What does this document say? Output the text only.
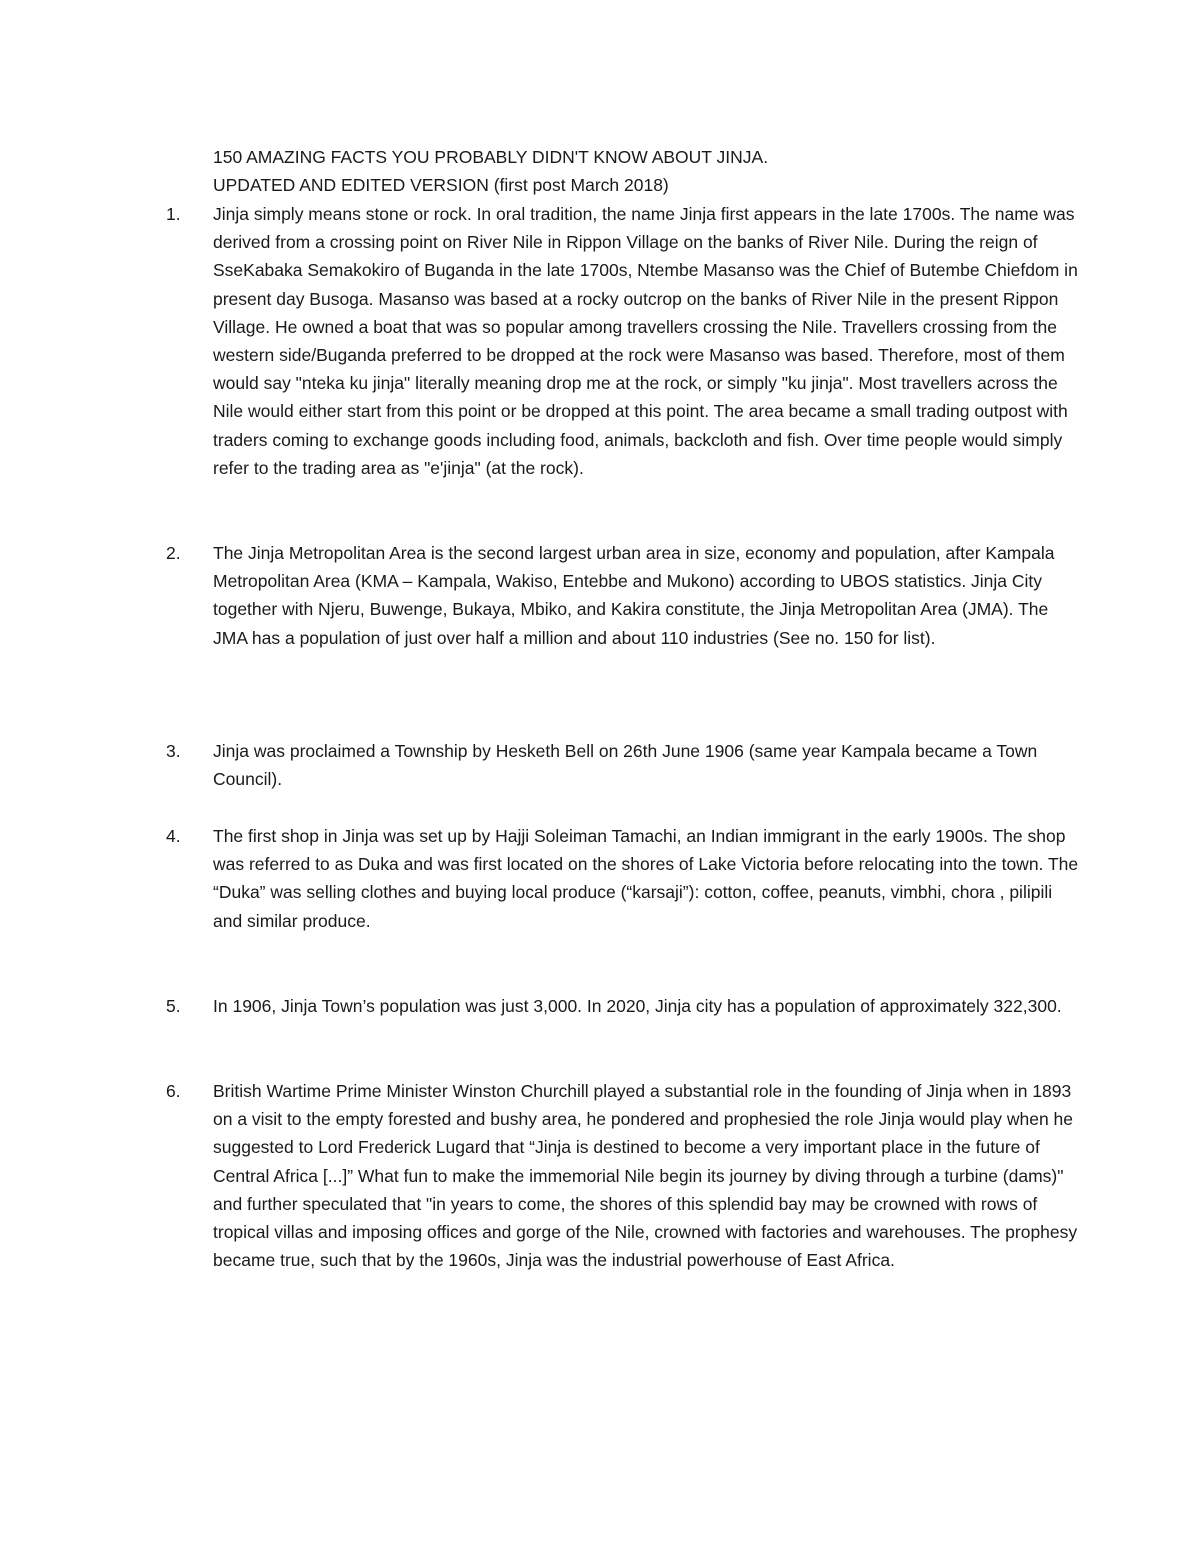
150 AMAZING FACTS YOU PROBABLY DIDN'T KNOW ABOUT JINJA.
UPDATED AND EDITED VERSION (first post March 2018)
1.	Jinja simply means stone or rock. In oral tradition, the name Jinja first appears in the late 1700s. The name was derived from a crossing point on River Nile in Rippon Village on the banks of River Nile. During the reign of SseKabaka Semakokiro of Buganda in the late 1700s, Ntembe Masanso was the Chief of Butembe Chiefdom in present day Busoga. Masanso was based at a rocky outcrop on the banks of River Nile in the present Rippon Village. He owned a boat that was so popular among travellers crossing the Nile. Travellers crossing from the western side/Buganda preferred to be dropped at the rock were Masanso was based. Therefore, most of them would say "nteka ku jinja" literally meaning drop me at the rock, or simply "ku jinja". Most travellers across the Nile would either start from this point or be dropped at this point. The area became a small trading outpost with traders coming to exchange goods including food, animals, backcloth and fish. Over time people would simply refer to the trading area as "e'jinja" (at the rock).
2.	The Jinja Metropolitan Area is the second largest urban area in size, economy and population, after Kampala Metropolitan Area (KMA – Kampala, Wakiso, Entebbe and Mukono) according to UBOS statistics. Jinja City together with Njeru, Buwenge, Bukaya, Mbiko, and Kakira constitute, the Jinja Metropolitan Area (JMA). The JMA has a population of just over half a million and about 110 industries (See no. 150 for list).
3.	Jinja was proclaimed a Township by Hesketh Bell on 26th June 1906 (same year Kampala became a Town Council).
4.	The first shop in Jinja was set up by Hajji Soleiman Tamachi, an Indian immigrant in the early 1900s. The shop was referred to as Duka and was first located on the shores of Lake Victoria before relocating into the town. The “Duka” was selling clothes and buying local produce (“karsaji”): cotton, coffee, peanuts, vimbhi, chora , pilipili and similar produce.
5.	In 1906, Jinja Town’s population was just 3,000. In 2020, Jinja city has a population of approximately 322,300.
6.	British Wartime Prime Minister Winston Churchill played a substantial role in the founding of Jinja when in 1893 on a visit to the empty forested and bushy area, he pondered and prophesied the role Jinja would play when he suggested to Lord Frederick Lugard that “Jinja is destined to become a very important place in the future of Central Africa [...]” What fun to make the immemorial Nile begin its journey by diving through a turbine (dams)" and further speculated that "in years to come, the shores of this splendid bay may be crowned with rows of tropical villas and imposing offices and gorge of the Nile, crowned with factories and warehouses. The prophesy became true, such that by the 1960s, Jinja was the industrial powerhouse of East Africa.
